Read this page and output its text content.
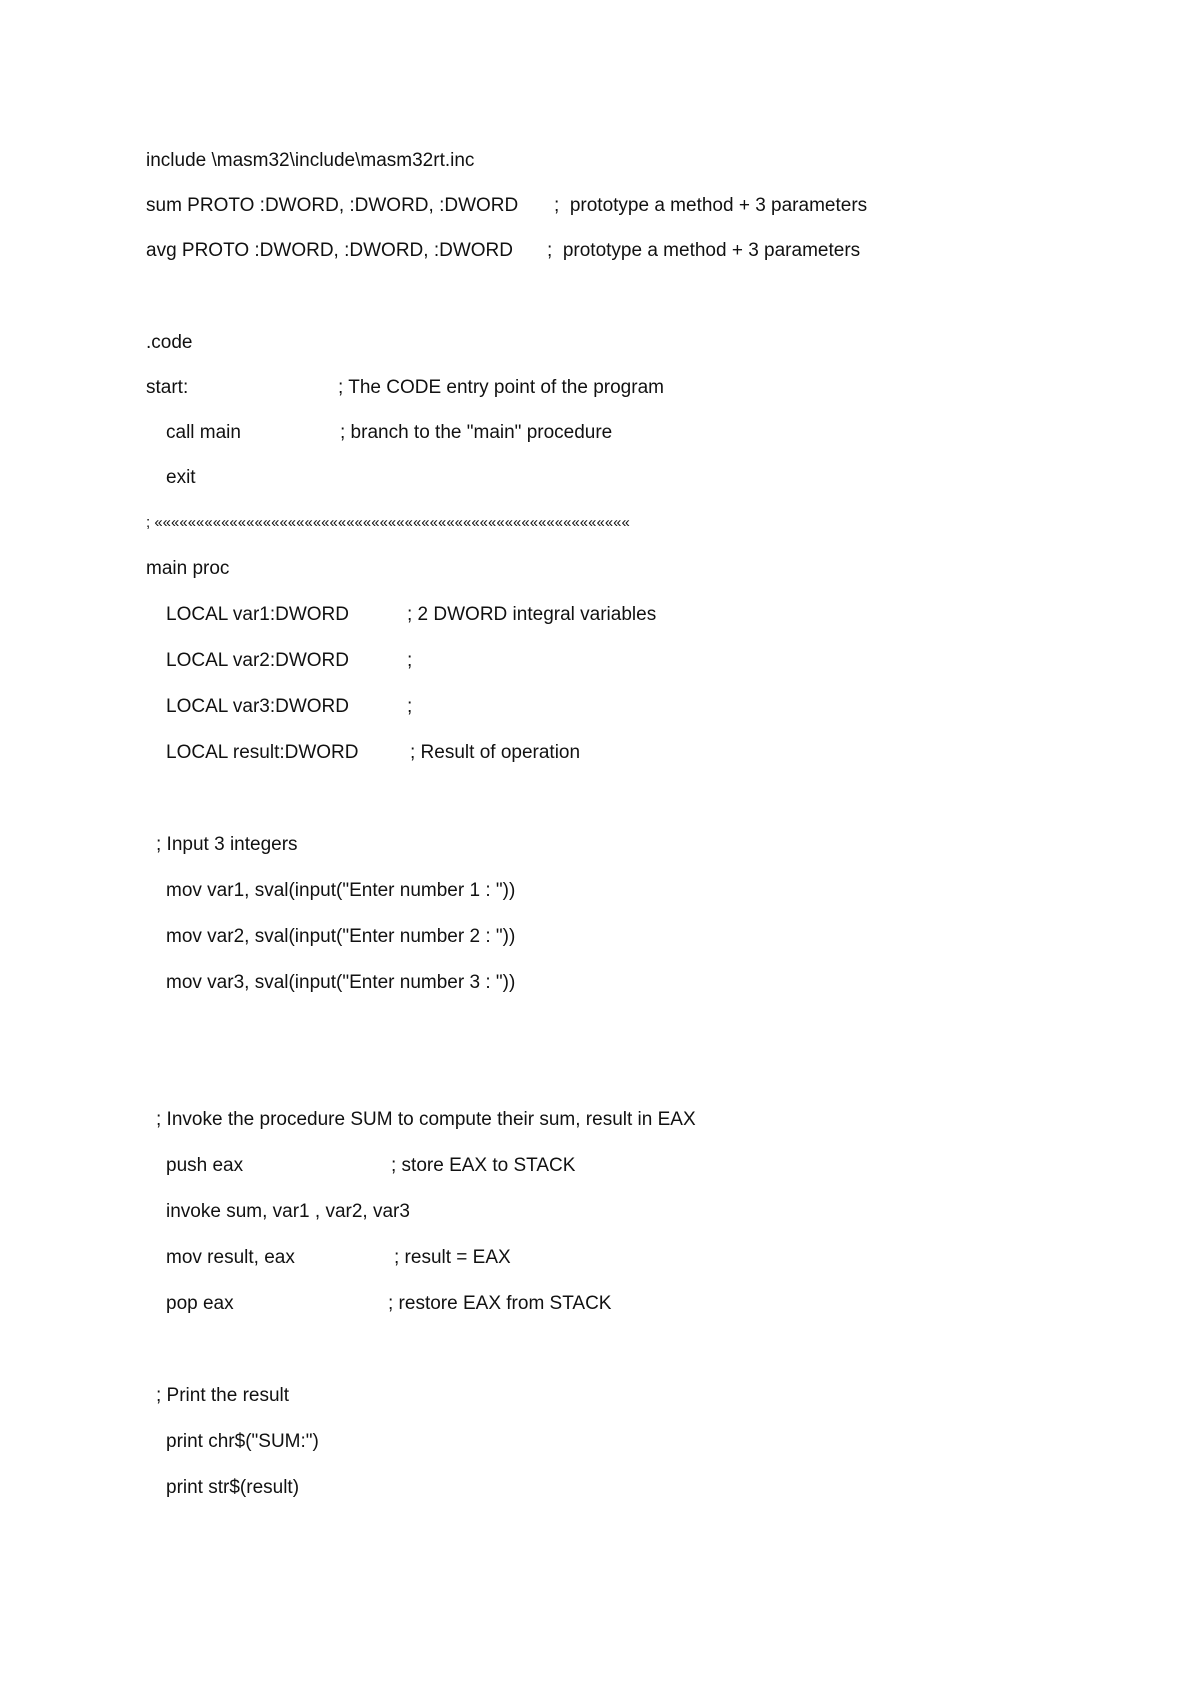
include \masm32\include\masm32rt.inc

sum PROTO :DWORD, :DWORD, :DWORD

;  prototype a method + 3 parameters

avg PROTO :DWORD, :DWORD, :DWORD

;  prototype a method + 3 parameters

.code

start:

	; The CODE entry point of the program

call main

	; branch to the "main" procedure

exit

; «««««««««««««««««««««««««««««««««««««««««««««««««««««««««

main proc

LOCAL var1:DWORD

	; 2 DWORD integral variables

LOCAL var2:DWORD

	;

LOCAL var3:DWORD

	;

LOCAL result:DWORD

	; Result of operation

; Input 3 integers

mov var1, sval(input("Enter number 1 : "))

mov var2, sval(input("Enter number 2 : "))

mov var3, sval(input("Enter number 3 : "))

; Invoke the procedure SUM to compute their sum, result in EAX

push eax

	; store EAX to STACK

invoke sum, var1 , var2, var3

mov result, eax

	; result = EAX

pop eax

	; restore EAX from STACK

; Print the result

print chr$("SUM:")

print str$(result)
